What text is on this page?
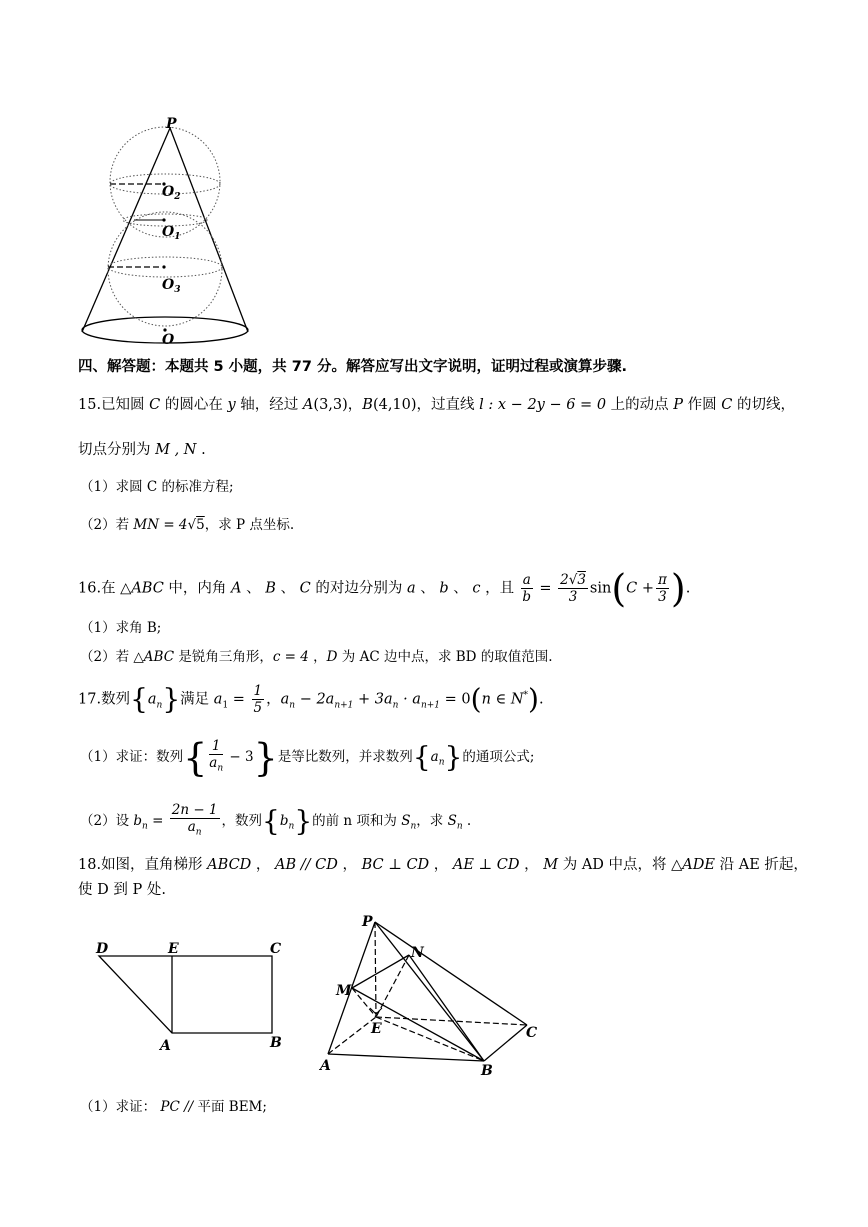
P
$O_2$
$O_1$
$O_3$
O
四、解答题：本题共 5 小题，共 77 分。解答应写出文字说明，证明过程或演算步骤.
15.已知圆 C 的圆心在 y 轴，经过 A(3,3)，B(4,10)，过直线 l : x − 2y − 6 = 0 上的动点 P 作圆 C 的切线，
切点分别为 M , N .
（1）求圆 C 的标准方程;
（2）若 MN = 4√5，求 P 点坐标.
16.在 △ABC 中，内角 A 、 B 、 C 的对边分别为 a 、 b 、 c ，且 $\frac{a}{b} = \frac{2√3}{3} \sin(C + \frac{\pi}{3}$ ).
（1）求角 B;
（2）若 △ABC 是锐角三角形，c = 4 ，D 为 AC 边中点，求 BD 的取值范围.
17.数列$\{a_n\}$满足 $a_1 = \frac{1}{5}$ ，$a_n - 2a_{n+1} + 3a_n \cdot a_{n+1} = 0(n$ ∈ N*).
（1）求证：数列{ $\frac{1}{a_n} - 3$}是等比数列，并求数列$\{a_n\}$的通项公式;
（2）设 $b_n = \frac{2n - 1}{a_n}$ ，数列$\{b_n\}$的前 n 项和为 $S_n$，求 $S_n$ .
18.如图，直角梯形 ABCD ， AB // CD ， BC ⊥ CD ， AE ⊥ CD ， M 为 AD 中点，将 △ADE 沿 AE 折起，
使 D 到 P 处.
D	E	C
A	B
P
N
M
E	C
A	B
（1）求证： PC // 平面 BEM;
